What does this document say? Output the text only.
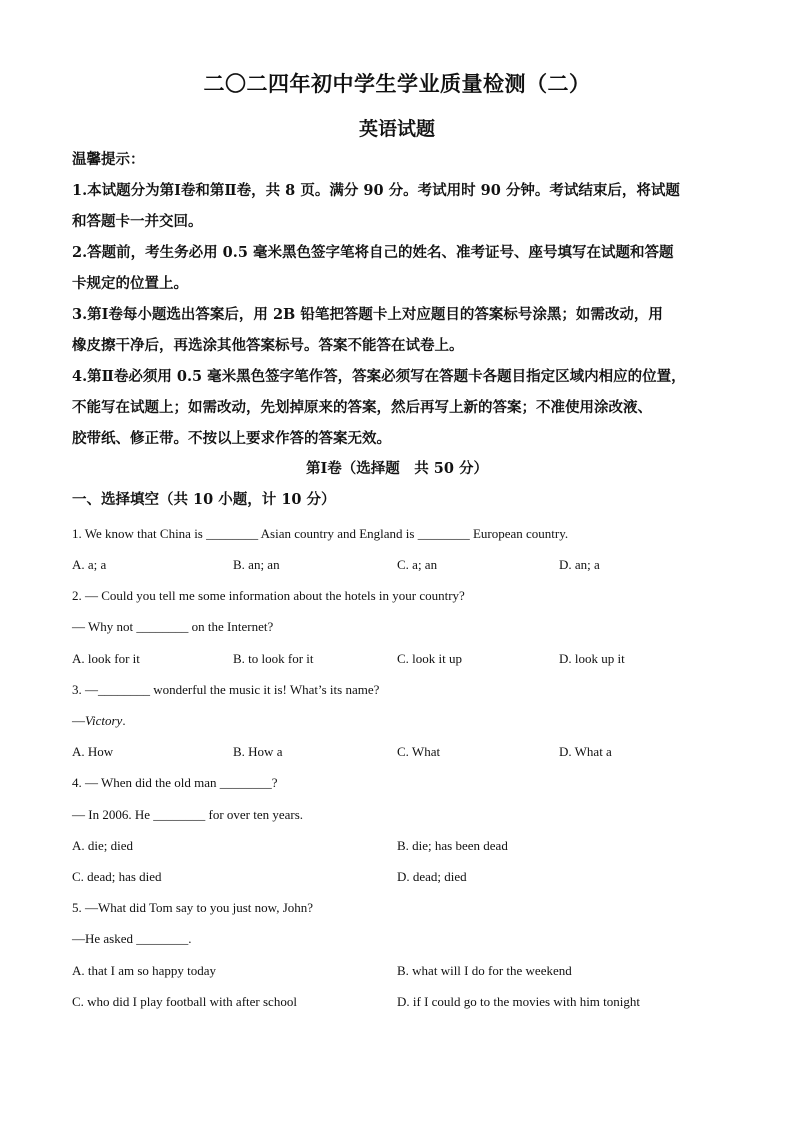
二〇二四年初中学生学业质量检测（二）
英语试题
温馨提示：
1.本试题分为第Ⅰ卷和第Ⅱ卷，共 8 页。满分 90 分。考试用时 90 分钟。考试结束后，将试题
和答题卡一并交回。
2.答题前，考生务必用 0.5 毫米黑色签字笔将自己的姓名、准考证号、座号填写在试题和答题
卡规定的位置上。
3.第Ⅰ卷每小题选出答案后，用 2B 铅笔把答题卡上对应题目的答案标号涂黑；如需改动，用
橡皮擦干净后，再选涂其他答案标号。答案不能答在试卷上。
4.第Ⅱ卷必须用 0.5 毫米黑色签字笔作答，答案必须写在答题卡各题目指定区域内相应的位置，
不能写在试题上；如需改动，先划掉原来的答案，然后再写上新的答案；不准使用涂改液、
胶带纸、修正带。不按以上要求作答的答案无效。
第Ⅰ卷（选择题　共 50 分）
一、选择填空（共 10 小题，计 10 分）
1. We know that China is ________ Asian country and England is ________ European country.
A. a; a	B. an; an	C. a; an	D. an; a
2. — Could you tell me some information about the hotels in your country?
— Why not ________ on the Internet?
A. look for it	B. to look for it	C. look it up	D. look up it
3. —________ wonderful the music it is! What’s its name?
—Victory.
A. How	B. How a	C. What	D. What a
4. — When did the old man ________?
— In 2006. He ________ for over ten years.
A. die; died	B. die; has been dead
C. dead; has died	D. dead; died
5. —What did Tom say to you just now, John?
—He asked ________.
A. that I am so happy today	B. what will I do for the weekend
C. who did I play football with after school	D. if I could go to the movies with him tonight
